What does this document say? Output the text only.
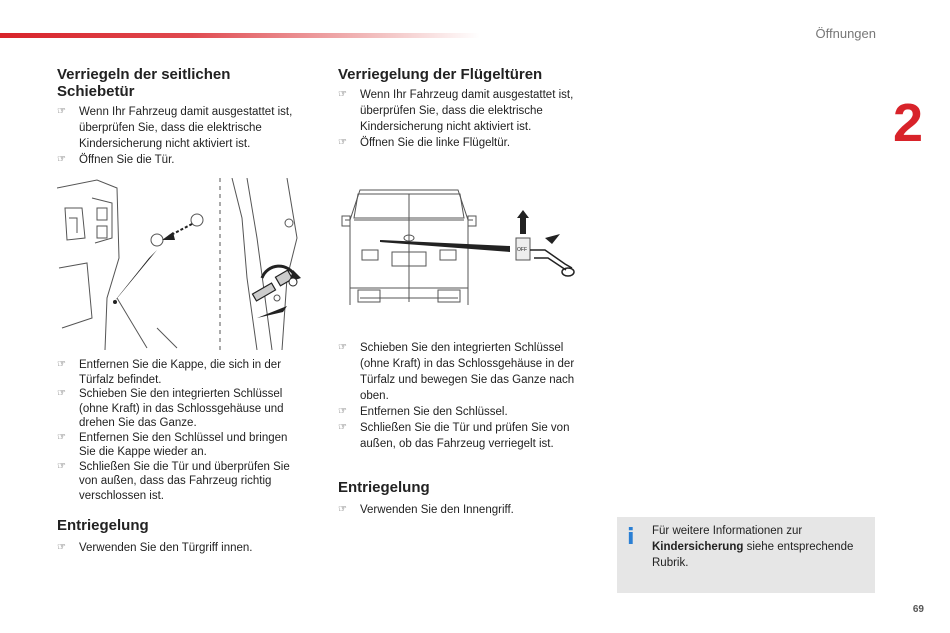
Öffnungen
2
69
Verriegeln der seitlichen Schiebetür
☞ Wenn Ihr Fahrzeug damit ausgestattet ist, überprüfen Sie, dass die elektrische Kindersicherung nicht aktiviert ist.
☞ Öffnen Sie die Tür.
☞ Entfernen Sie die Kappe, die sich in der Türfalz befindet.
☞ Schieben Sie den integrierten Schlüssel (ohne Kraft) in das Schlossgehäuse und drehen Sie das Ganze.
☞ Entfernen Sie den Schlüssel und bringen Sie die Kappe wieder an.
☞ Schließen Sie die Tür und überprüfen Sie von außen, dass das Fahrzeug richtig verschlossen ist.
Entriegelung
☞ Verwenden Sie den Türgriff innen.
Verriegelung der Flügeltüren
☞ Wenn Ihr Fahrzeug damit ausgestattet ist, überprüfen Sie, dass die elektrische Kindersicherung nicht aktiviert ist.
☞ Öffnen Sie die linke Flügeltür.
OFF
☞ Schieben Sie den integrierten Schlüssel (ohne Kraft) in das Schlossgehäuse in der Türfalz und bewegen Sie das Ganze nach oben.
☞ Entfernen Sie den Schlüssel.
☞ Schließen Sie die Tür und prüfen Sie von außen, ob das Fahrzeug verriegelt ist.
Entriegelung
☞ Verwenden Sie den Innengriff.
i Für weitere Informationen zur Kindersicherung siehe entsprechende Rubrik.
